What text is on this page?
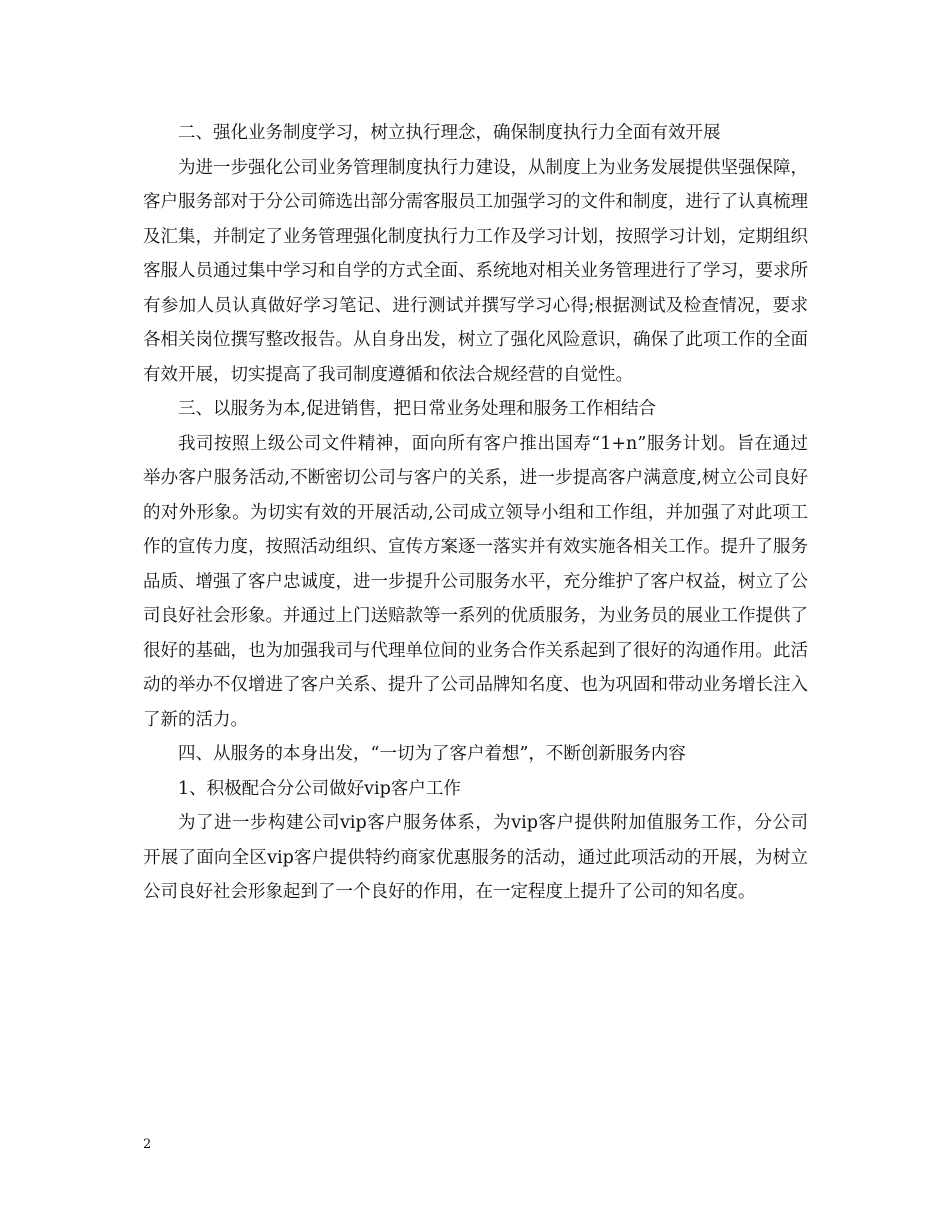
二、强化业务制度学习，树立执行理念，确保制度执行力全面有效开展

为进一步强化公司业务管理制度执行力建设，从制度上为业务发展提供坚强保障，客户服务部对于分公司筛选出部分需客服员工加强学习的文件和制度，进行了认真梳理及汇集，并制定了业务管理强化制度执行力工作及学习计划，按照学习计划，定期组织客服人员通过集中学习和自学的方式全面、系统地对相关业务管理进行了学习，要求所有参加人员认真做好学习笔记、进行测试并撰写学习心得;根据测试及检查情况，要求各相关岗位撰写整改报告。从自身出发，树立了强化风险意识，确保了此项工作的全面有效开展，切实提高了我司制度遵循和依法合规经营的自觉性。

三、以服务为本,促进销售，把日常业务处理和服务工作相结合

我司按照上级公司文件精神，面向所有客户推出国寿“1+n”服务计划。旨在通过举办客户服务活动,不断密切公司与客户的关系，进一步提高客户满意度,树立公司良好的对外形象。为切实有效的开展活动,公司成立领导小组和工作组，并加强了对此项工作的宣传力度，按照活动组织、宣传方案逐一落实并有效实施各相关工作。提升了服务品质、增强了客户忠诚度，进一步提升公司服务水平，充分维护了客户权益，树立了公司良好社会形象。并通过上门送赔款等一系列的优质服务，为业务员的展业工作提供了很好的基础，也为加强我司与代理单位间的业务合作关系起到了很好的沟通作用。此活动的举办不仅增进了客户关系、提升了公司品牌知名度、也为巩固和带动业务增长注入了新的活力。

四、从服务的本身出发，“一切为了客户着想”，不断创新服务内容

1、积极配合分公司做好vip客户工作

为了进一步构建公司vip客户服务体系，为vip客户提供附加值服务工作，分公司开展了面向全区vip客户提供特约商家优惠服务的活动，通过此项活动的开展，为树立公司良好社会形象起到了一个良好的作用，在一定程度上提升了公司的知名度。

2
